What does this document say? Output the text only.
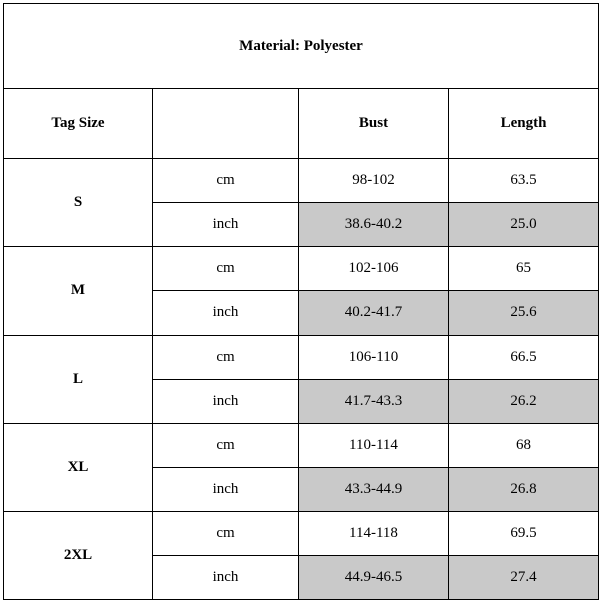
Material: Polyester			
Tag Size		Bust	Length
S	cm	98-102	63.5
	inch	38.6-40.2	25.0
M	cm	102-106	65
	inch	40.2-41.7	25.6
L	cm	106-110	66.5
	inch	41.7-43.3	26.2
XL	cm	110-114	68
	inch	43.3-44.9	26.8
2XL	cm	114-118	69.5
	inch	44.9-46.5	27.4
